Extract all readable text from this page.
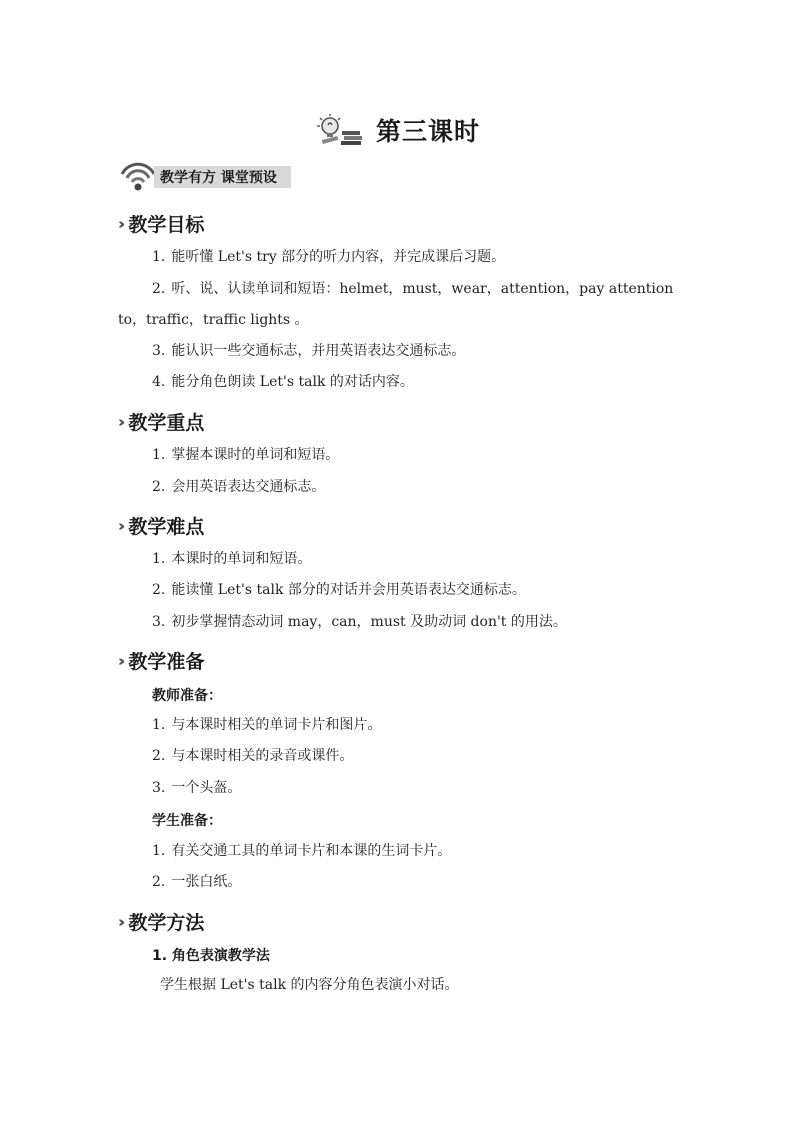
第三课时
教学有方 课堂预设
›› 教学目标
1. 能听懂 Let's try 部分的听力内容，并完成课后习题。
2. 听、说、认读单词和短语：helmet，must，wear，attention，pay attention
to，traffic，traffic lights 。
3. 能认识一些交通标志，并用英语表达交通标志。
4. 能分角色朗读 Let's talk 的对话内容。
›› 教学重点
1. 掌握本课时的单词和短语。
2. 会用英语表达交通标志。
›› 教学难点
1. 本课时的单词和短语。
2. 能读懂 Let's talk 部分的对话并会用英语表达交通标志。
3. 初步掌握情态动词 may，can，must 及助动词 don't 的用法。
›› 教学准备
教师准备：
1. 与本课时相关的单词卡片和图片。
2. 与本课时相关的录音或课件。
3. 一个头盔。
学生准备：
1. 有关交通工具的单词卡片和本课的生词卡片。
2. 一张白纸。
›› 教学方法
1. 角色表演教学法
学生根据 Let's talk 的内容分角色表演小对话。
